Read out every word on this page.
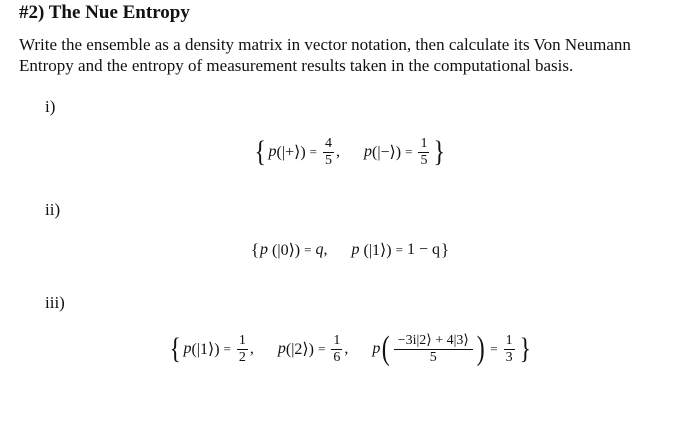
#2) The Nue Entropy
Write the ensemble as a density matrix in vector notation, then calculate its Von Neumann Entropy and the entropy of measurement results taken in the computational basis.
i)
{ p (|+⟩) = $\frac{4}{5}$ , p (|−⟩) = $\frac{1}{5}$ }
ii)
{ p (|0⟩) = q , p (|1⟩) = 1 − q }
iii)
{ p (|1⟩) = $\frac{1}{2}$ , p (|2⟩) = $\frac{1}{6}$ , p ( $\frac{-3i|2⟩ + 4|3⟩}{5}$ ) = $\frac{1}{3}$ }
